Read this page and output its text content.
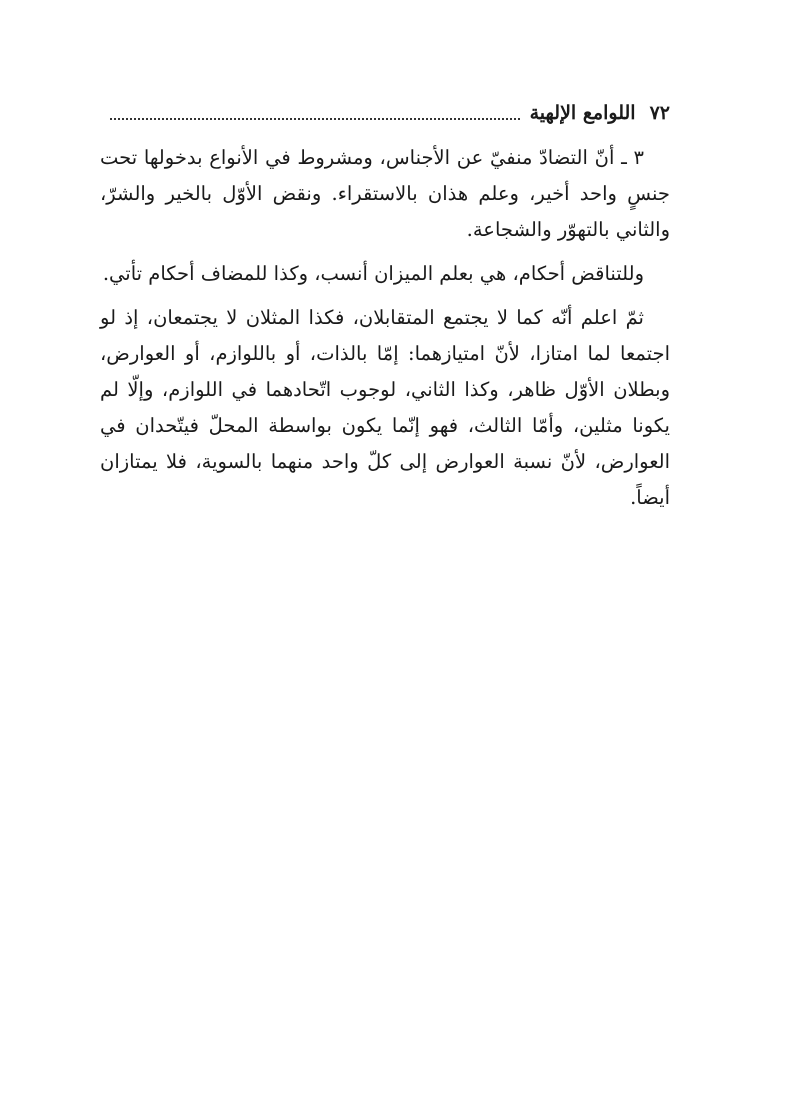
٧٢
اللوامع الإلهية

٣ ـ أنّ التضادّ منفيّ عن الأجناس، ومشروط في الأنواع بدخولها تحت جنسٍ واحد أخير، وعلم هذان بالاستقراء. ونقض الأوّل بالخير والشرّ، والثاني بالتهوّر والشجاعة.

وللتناقض أحكام، هي بعلم الميزان أنسب، وكذا للمضاف أحكام تأتي.

ثمّ اعلم أنّه كما لا يجتمع المتقابلان، فكذا المثلان لا يجتمعان، إذ لو اجتمعا لما امتازا، لأنّ امتيازهما: إمّا بالذات، أو باللوازم، أو العوارض، وبطلان الأوّل ظاهر، وكذا الثاني، لوجوب اتّحادهما في اللوازم، وإلّا لم يكونا مثلين، وأمّا الثالث، فهو إنّما يكون بواسطة المحلّ فيتّحدان في العوارض، لأنّ نسبة العوارض إلى كلّ واحد منهما بالسوية، فلا يمتازان أيضاً.
